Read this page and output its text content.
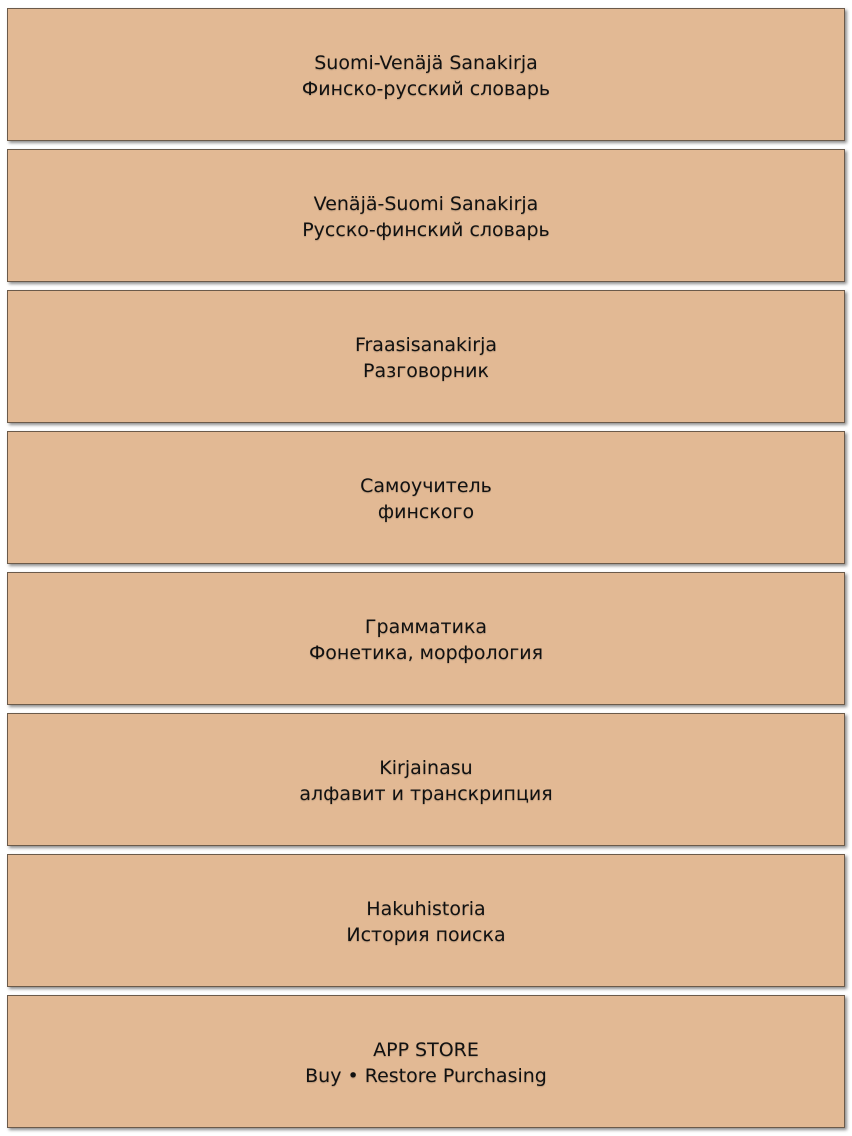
Suomi-Venäjä Sanakirja
Финско-русский словарь
Venäjä-Suomi Sanakirja
Русско-финский словарь
Fraasisanakirja
Разговорник
Самоучитель
финского
Грамматика
Фонетика, морфология
Kirjainasu
алфавит и транскрипция
Hakuhistoria
История поиска
APP STORE
Buy • Restore Purchasing
